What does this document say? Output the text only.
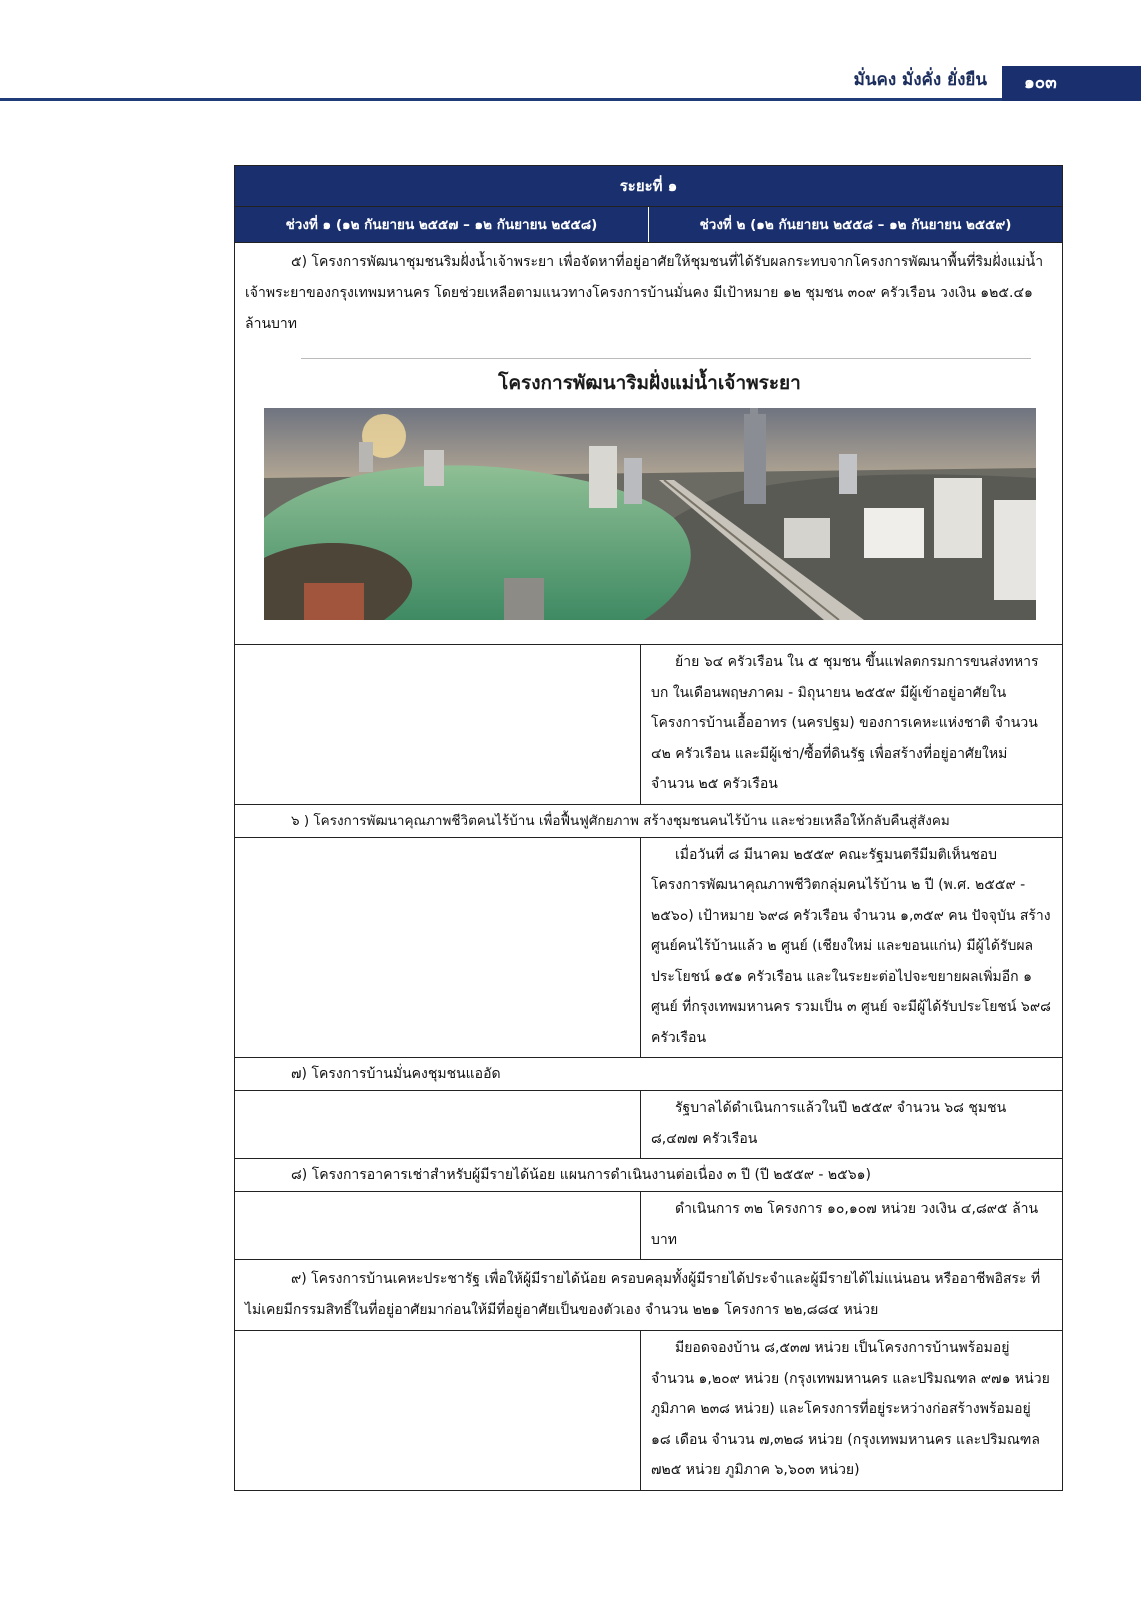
มั่นคง มั่งคั่ง ยั่งยืน	๑๐๓
ระยะที่ ๑
ช่วงที่ ๑ (๑๒ กันยายน ๒๕๕๗ – ๑๒ กันยายน ๒๕๕๘)	ช่วงที่ ๒ (๑๒ กันยายน ๒๕๕๘ – ๑๒ กันยายน ๒๕๕๙)
๕) โครงการพัฒนาชุมชนริมฝั่งน้ำเจ้าพระยา เพื่อจัดหาที่อยู่อาศัยให้ชุมชนที่ได้รับผลกระทบจากโครงการพัฒนาพื้นที่ริมฝั่งแม่น้ำเจ้าพระยาของกรุงเทพมหานคร โดยช่วยเหลือตามแนวทางโครงการบ้านมั่นคง มีเป้าหมาย ๑๒ ชุมชน ๓๐๙ ครัวเรือน วงเงิน ๑๒๕.๔๑ ล้านบาท
โครงการพัฒนาริมฝั่งแม่น้ำเจ้าพระยา
ย้าย ๖๔ ครัวเรือน ใน ๕ ชุมชน ขึ้นแฟลตกรมการขนส่งทหารบก ในเดือนพฤษภาคม - มิถุนายน ๒๕๕๙ มีผู้เข้าอยู่อาศัยในโครงการบ้านเอื้ออาทร (นครปฐม) ของการเคหะแห่งชาติ จำนวน ๔๒ ครัวเรือน และมีผู้เช่า/ซื้อที่ดินรัฐ เพื่อสร้างที่อยู่อาศัยใหม่ จำนวน ๒๕ ครัวเรือน
๖ ) โครงการพัฒนาคุณภาพชีวิตคนไร้บ้าน เพื่อฟื้นฟูศักยภาพ สร้างชุมชนคนไร้บ้าน และช่วยเหลือให้กลับคืนสู่สังคม
เมื่อวันที่ ๘ มีนาคม ๒๕๕๙ คณะรัฐมนตรีมีมติเห็นชอบโครงการพัฒนาคุณภาพชีวิตกลุ่มคนไร้บ้าน ๒ ปี (พ.ศ. ๒๕๕๙ - ๒๕๖๐) เป้าหมาย ๖๙๘ ครัวเรือน จำนวน ๑,๓๕๙ คน ปัจจุบัน สร้างศูนย์คนไร้บ้านแล้ว ๒ ศูนย์ (เชียงใหม่ และขอนแก่น) มีผู้ได้รับผลประโยชน์ ๑๕๑ ครัวเรือน และในระยะต่อไปจะขยายผลเพิ่มอีก ๑ ศูนย์ ที่กรุงเทพมหานคร รวมเป็น ๓ ศูนย์ จะมีผู้ได้รับประโยชน์ ๖๙๘ ครัวเรือน
๗) โครงการบ้านมั่นคงชุมชนแออัด
รัฐบาลได้ดำเนินการแล้วในปี ๒๕๕๙ จำนวน ๖๘ ชุมชน ๘,๔๗๗ ครัวเรือน
๘) โครงการอาคารเช่าสำหรับผู้มีรายได้น้อย แผนการดำเนินงานต่อเนื่อง ๓ ปี (ปี ๒๕๕๙ - ๒๕๖๑)
ดำเนินการ ๓๒ โครงการ ๑๐,๑๐๗ หน่วย วงเงิน ๔,๘๙๕ ล้านบาท
๙) โครงการบ้านเคหะประชารัฐ เพื่อให้ผู้มีรายได้น้อย ครอบคลุมทั้งผู้มีรายได้ประจำและผู้มีรายได้ไม่แน่นอน หรืออาชีพอิสระ ที่ไม่เคยมีกรรมสิทธิ์ในที่อยู่อาศัยมาก่อนให้มีที่อยู่อาศัยเป็นของตัวเอง จำนวน ๒๒๑ โครงการ ๒๒,๘๘๔ หน่วย
มียอดจองบ้าน ๘,๕๓๗ หน่วย เป็นโครงการบ้านพร้อมอยู่ จำนวน ๑,๒๐๙ หน่วย (กรุงเทพมหานคร และปริมณฑล ๙๗๑ หน่วย ภูมิภาค ๒๓๘ หน่วย) และโครงการที่อยู่ระหว่างก่อสร้างพร้อมอยู่ ๑๘ เดือน จำนวน ๗,๓๒๘ หน่วย (กรุงเทพมหานคร และปริมณฑล ๗๒๕ หน่วย ภูมิภาค ๖,๖๐๓ หน่วย)
